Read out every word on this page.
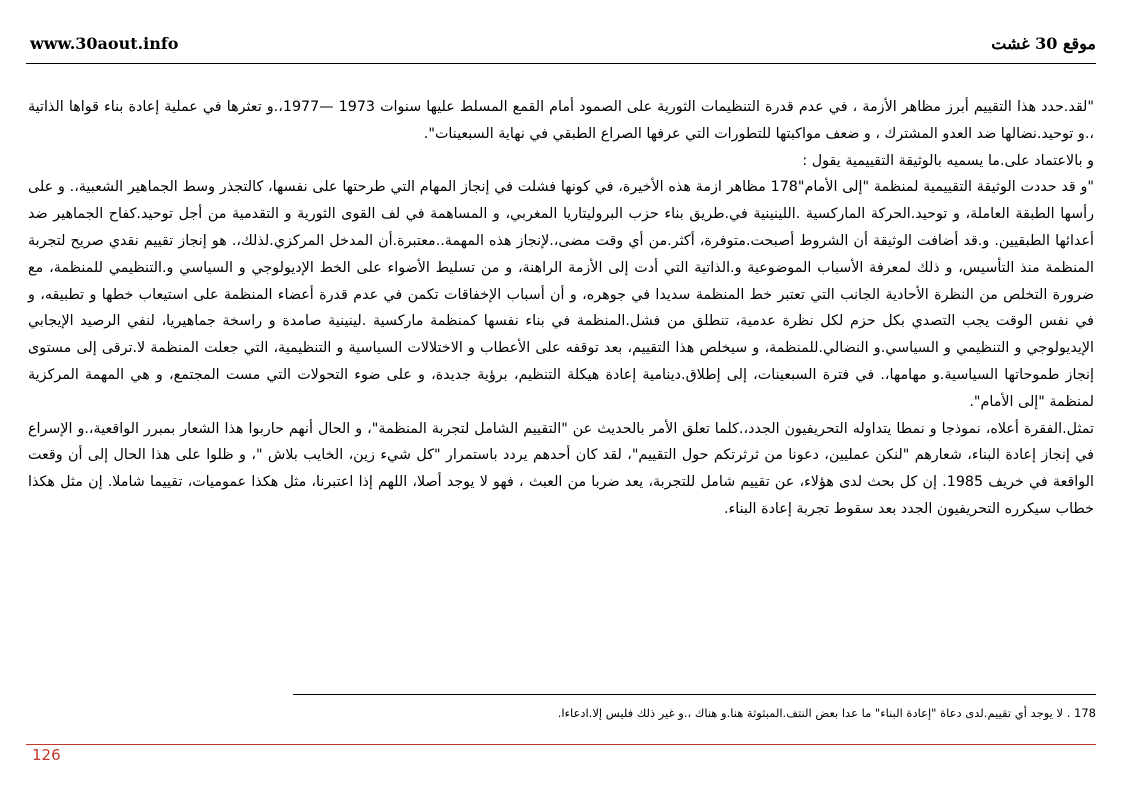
www.30aout.info	موقع 30 غشت

"لقد.حدد هذا التقييم أبرز مظاهر الأزمة ، في عدم قدرة التنظيمات الثورية على الصمود أمام القمع المسلط عليها سنوات 1973 —1977،.و تعثرها في عملية إعادة بناء قواها الذاتية ،.و توحيد.نضالها ضد العدو المشترك ، و ضعف مواكبتها للتطورات التي عرفها الصراع الطبقي في نهاية السبعينات".

و بالاعتماد على.ما يسميه بالوثيقة التقييمية يقول :

"و قد حددت الوثيقة التقييمية لمنظمة "إلى الأمام"178 مظاهر ازمة هذه الأخيرة، في كونها فشلت في إنجاز المهام التي طرحتها على نفسها، كالتجذر وسط الجماهير الشعبية،. و على رأسها الطبقة العاملة، و توحيد.الحركة الماركسية .اللينينية في.طريق بناء حزب البروليتاريا المغربي، و المساهمة في لف القوى الثورية و التقدمية من أجل توحيد.كفاح الجماهير ضد أعدائها الطبقيين. و.قد أضافت الوثيقة أن الشروط أصبحت.متوفرة، أكثر.من أي وقت مضى،.لإنجاز هذه المهمة..معتبرة.أن المدخل المركزي.لذلك،. هو إنجاز تقييم نقدي صريح لتجربة المنظمة منذ التأسيس، و ذلك لمعرفة الأسباب الموضوعية و.الذاتية التي أدت إلى الأزمة الراهنة، و من تسليط الأضواء على الخط الإديولوجي و السياسي و.التنظيمي للمنظمة، مع ضرورة التخلص من النظرة الأحادية الجانب التي تعتبر خط المنظمة سديدا في جوهره، و أن أسباب الإخفاقات تكمن في عدم قدرة أعضاء المنظمة على استيعاب خطها و تطبيقه، و في نفس الوقت يجب التصدي بكل حزم لكل نظرة عدمية، تنطلق من فشل.المنظمة في بناء نفسها كمنظمة ماركسية .لينينية صامدة و راسخة جماهيريا، لنفي الرصيد الإيجابي الإيديولوجي و التنظيمي و السياسي.و النضالي.للمنظمة، و سيخلص هذا التقييم، بعد توقفه على الأعطاب و الاختلالات السياسية و التنظيمية، التي جعلت المنظمة لا.ترقى إلى مستوى إنجاز طموحاتها السياسية.و مهامها،. في فترة السبعينات، إلى إطلاق.دينامية إعادة هيكلة التنظيم، برؤية جديدة، و على ضوء التحولات التي مست المجتمع، و هي المهمة المركزية لمنظمة "إلى الأمام".

تمثل.الفقرة أعلاه، نموذجا و نمطا يتداوله التحريفيون الجدد،.كلما تعلق الأمر بالحديث عن "التقييم الشامل لتجربة المنظمة"، و الحال أنهم حاربوا هذا الشعار بمبرر الواقعية،.و الإسراع في إنجاز إعادة البناء، شعارهم "لنكن عمليين، دعونا من ثرثرتكم حول التقييم"، لقد كان أحدهم يردد باستمرار "كل شيء زين، الخايب بلاش "، و ظلوا على هذا الحال إلى أن وقعت الواقعة في خريف 1985. إن كل بحث لدى هؤلاء، عن تقييم شامل للتجربة، يعد ضربا من العبث ، فهو لا يوجد أصلا، اللهم إذا اعتبرنا، مثل هكذا عموميات، تقييما شاملا. إن مثل هكذا خطاب سيكرره التحريفيون الجدد بعد سقوط تجربة إعادة البناء.

178 . لا يوجد أي تقييم.لدى دعاة "إعادة البناء" ما عدا بعض النتف.المبثوثة هنا.و هناك ،.و غير ذلك فليس إلا.ادعاءا.
126
